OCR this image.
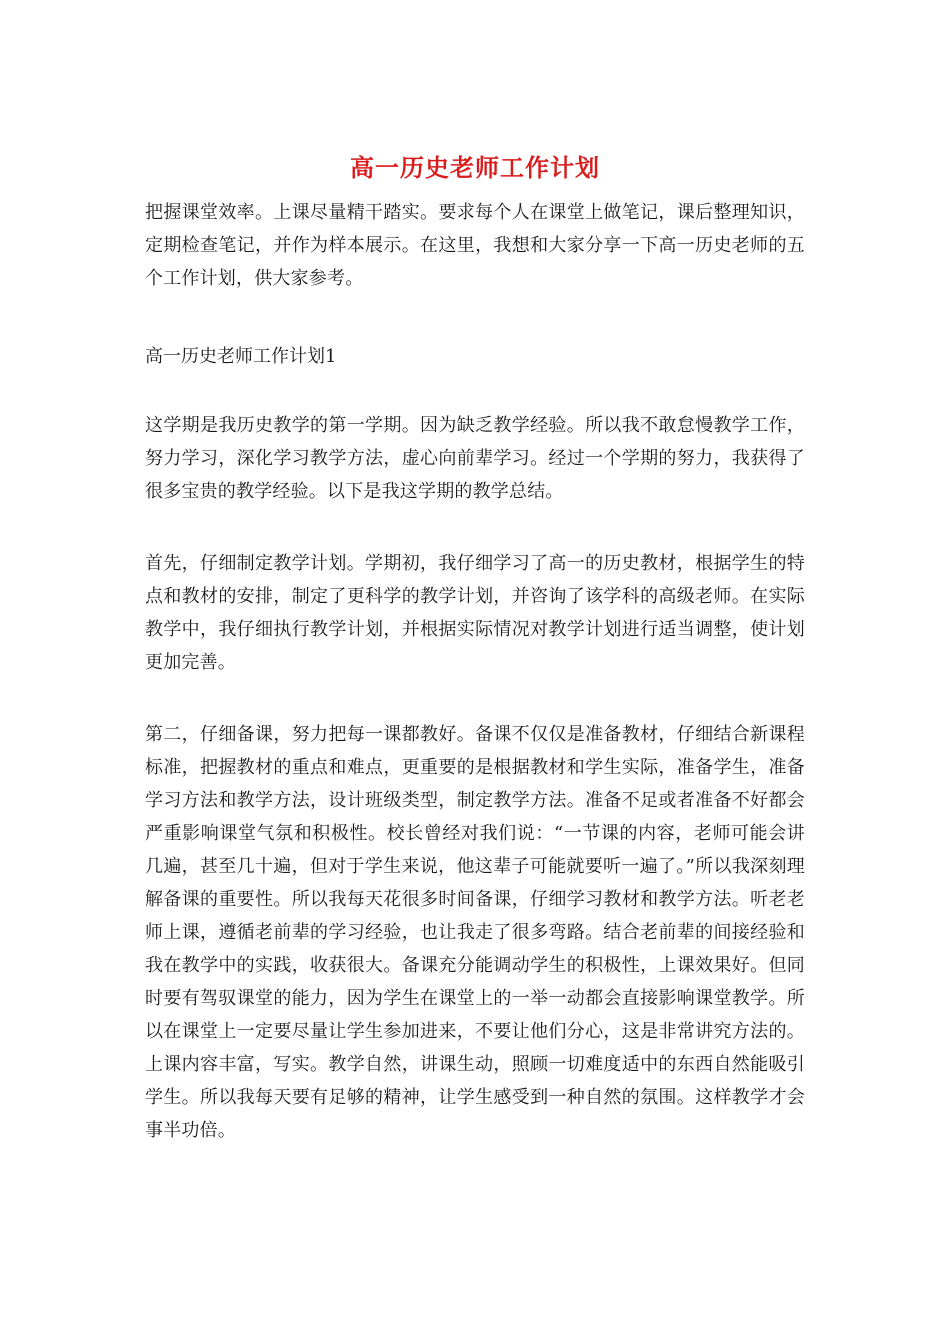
高一历史老师工作计划

把握课堂效率。上课尽量精干踏实。要求每个人在课堂上做笔记，课后整理知识，定期检查笔记，并作为样本展示。在这里，我想和大家分享一下高一历史老师的五个工作计划，供大家参考。

高一历史老师工作计划1

这学期是我历史教学的第一学期。因为缺乏教学经验。所以我不敢怠慢教学工作，努力学习，深化学习教学方法，虚心向前辈学习。经过一个学期的努力，我获得了很多宝贵的教学经验。以下是我这学期的教学总结。

首先，仔细制定教学计划。学期初，我仔细学习了高一的历史教材，根据学生的特点和教材的安排，制定了更科学的教学计划，并咨询了该学科的高级老师。在实际教学中，我仔细执行教学计划，并根据实际情况对教学计划进行适当调整，使计划更加完善。

第二，仔细备课，努力把每一课都教好。备课不仅仅是准备教材，仔细结合新课程标准，把握教材的重点和难点，更重要的是根据教材和学生实际，准备学生，准备学习方法和教学方法，设计班级类型，制定教学方法。准备不足或者准备不好都会严重影响课堂气氛和积极性。校长曾经对我们说：“一节课的内容，老师可能会讲几遍，甚至几十遍，但对于学生来说，他这辈子可能就要听一遍了。”所以我深刻理解备课的重要性。所以我每天花很多时间备课，仔细学习教材和教学方法。听老老师上课，遵循老前辈的学习经验，也让我走了很多弯路。结合老前辈的间接经验和我在教学中的实践，收获很大。备课充分能调动学生的积极性，上课效果好。但同时要有驾驭课堂的能力，因为学生在课堂上的一举一动都会直接影响课堂教学。所以在课堂上一定要尽量让学生参加进来，不要让他们分心，这是非常讲究方法的。上课内容丰富，写实。教学自然，讲课生动，照顾一切难度适中的东西自然能吸引学生。所以我每天要有足够的精神，让学生感受到一种自然的氛围。这样教学才会事半功倍。
